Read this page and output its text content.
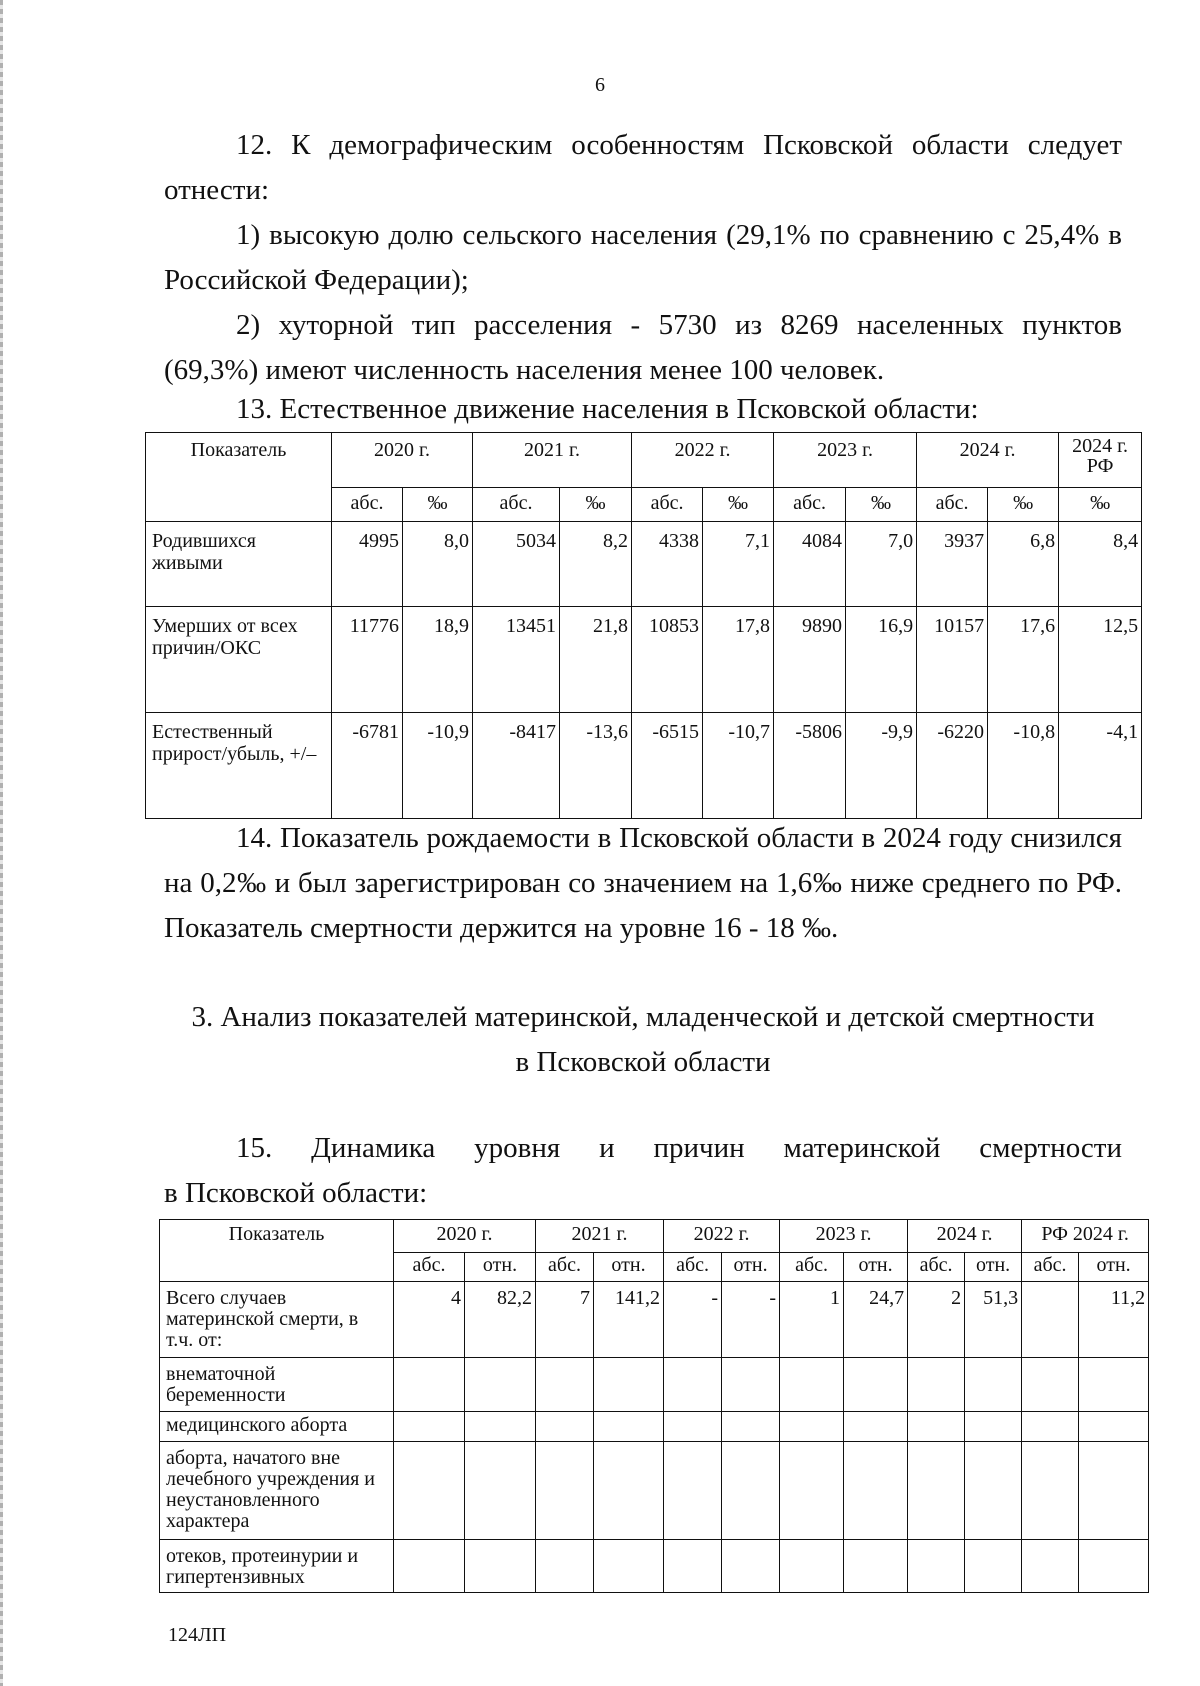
6
12. К демографическим особенностям Псковской области следует отнести:
1) высокую долю сельского населения (29,1% по сравнению с 25,4% в Российской Федерации);
2) хуторной тип расселения - 5730 из 8269 населенных пунктов (69,3%) имеют численность населения менее 100 человек.
13. Естественное движение населения в Псковской области:
Показатель	2020 г.		2021 г.		2022 г.		2023 г.		2024 г.		2024 г. РФ
	абс.	‰	абс.	‰	абс.	‰	абс.	‰	абс.	‰	‰
Родившихся живыми	4995	8,0	5034	8,2	4338	7,1	4084	7,0	3937	6,8	8,4
Умерших от всех причин/ОКС	11776	18,9	13451	21,8	10853	17,8	9890	16,9	10157	17,6	12,5
Естественный прирост/убыль, +/–	-6781	-10,9	-8417	-13,6	-6515	-10,7	-5806	-9,9	-6220	-10,8	-4,1
14. Показатель рождаемости в Псковской области в 2024 году снизился на 0,2‰ и был зарегистрирован со значением на 1,6‰ ниже среднего по РФ. Показатель смертности держится на уровне 16 - 18 ‰.
3. Анализ показателей материнской, младенческой и детской смертности
в Псковской области
15. Динамика уровня и причин материнской смертности
в Псковской области:
Показатель	2020 г.		2021 г.		2022 г.		2023 г.		2024 г.		РФ 2024 г.	
	абс.	отн.	абс.	отн.	абс.	отн.	абс.	отн.	абс.	отн.	абс.	отн.
Всего случаев материнской смерти, в т.ч. от:	4	82,2	7	141,2	-	-	1	24,7	2	51,3		11,2
внематочной беременности												
медицинского аборта												
аборта, начатого вне лечебного учреждения и неустановленного характера												
отеков, протеинурии и гипертензивных												
124ЛП
